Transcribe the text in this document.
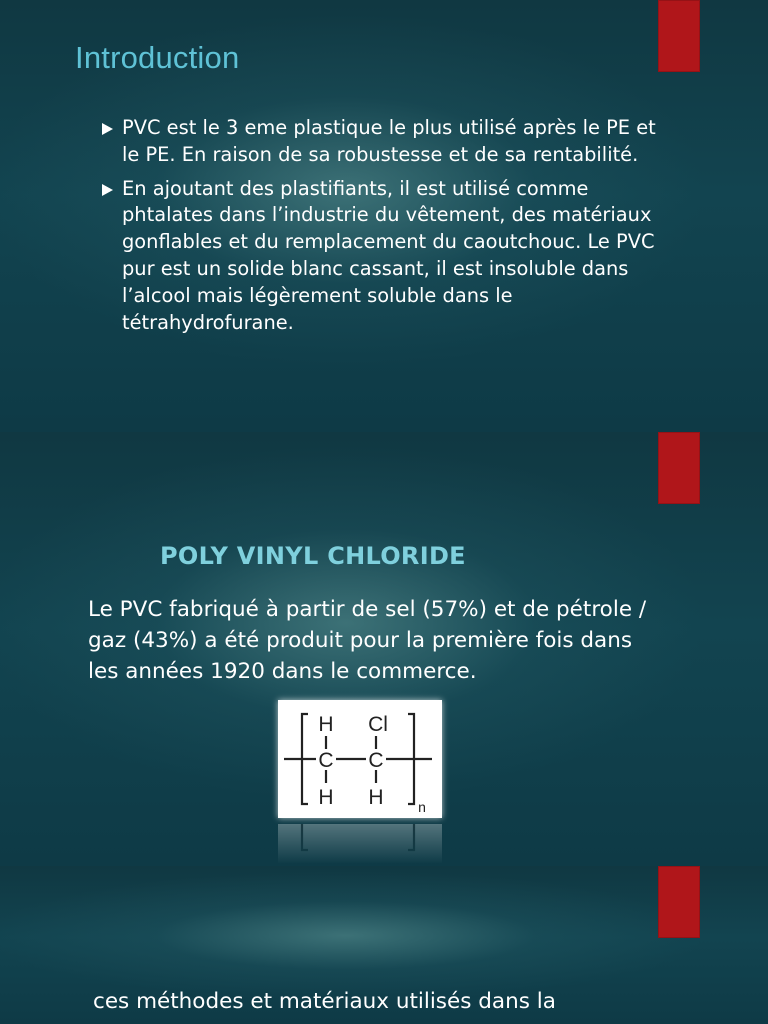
Introduction
PVC est le 3 eme plastique le plus utilisé après le PE et le PE. En raison de sa robustesse et de sa rentabilité.
En ajoutant des plastifiants, il est utilisé comme phtalates dans l’industrie du vêtement, des matériaux gonflables et du remplacement du caoutchouc. Le PVC pur est un solide blanc cassant, il est insoluble dans l’alcool mais légèrement soluble dans le tétrahydrofurane.
POLY VINYL CHLORIDE

Le PVC fabriqué à partir de sel (57%) et de pétrole / gaz (43%) a été produit pour la première fois dans les années 1920 dans le commerce.

H Cl
C C
H H n

ces méthodes et matériaux utilisés dans la
